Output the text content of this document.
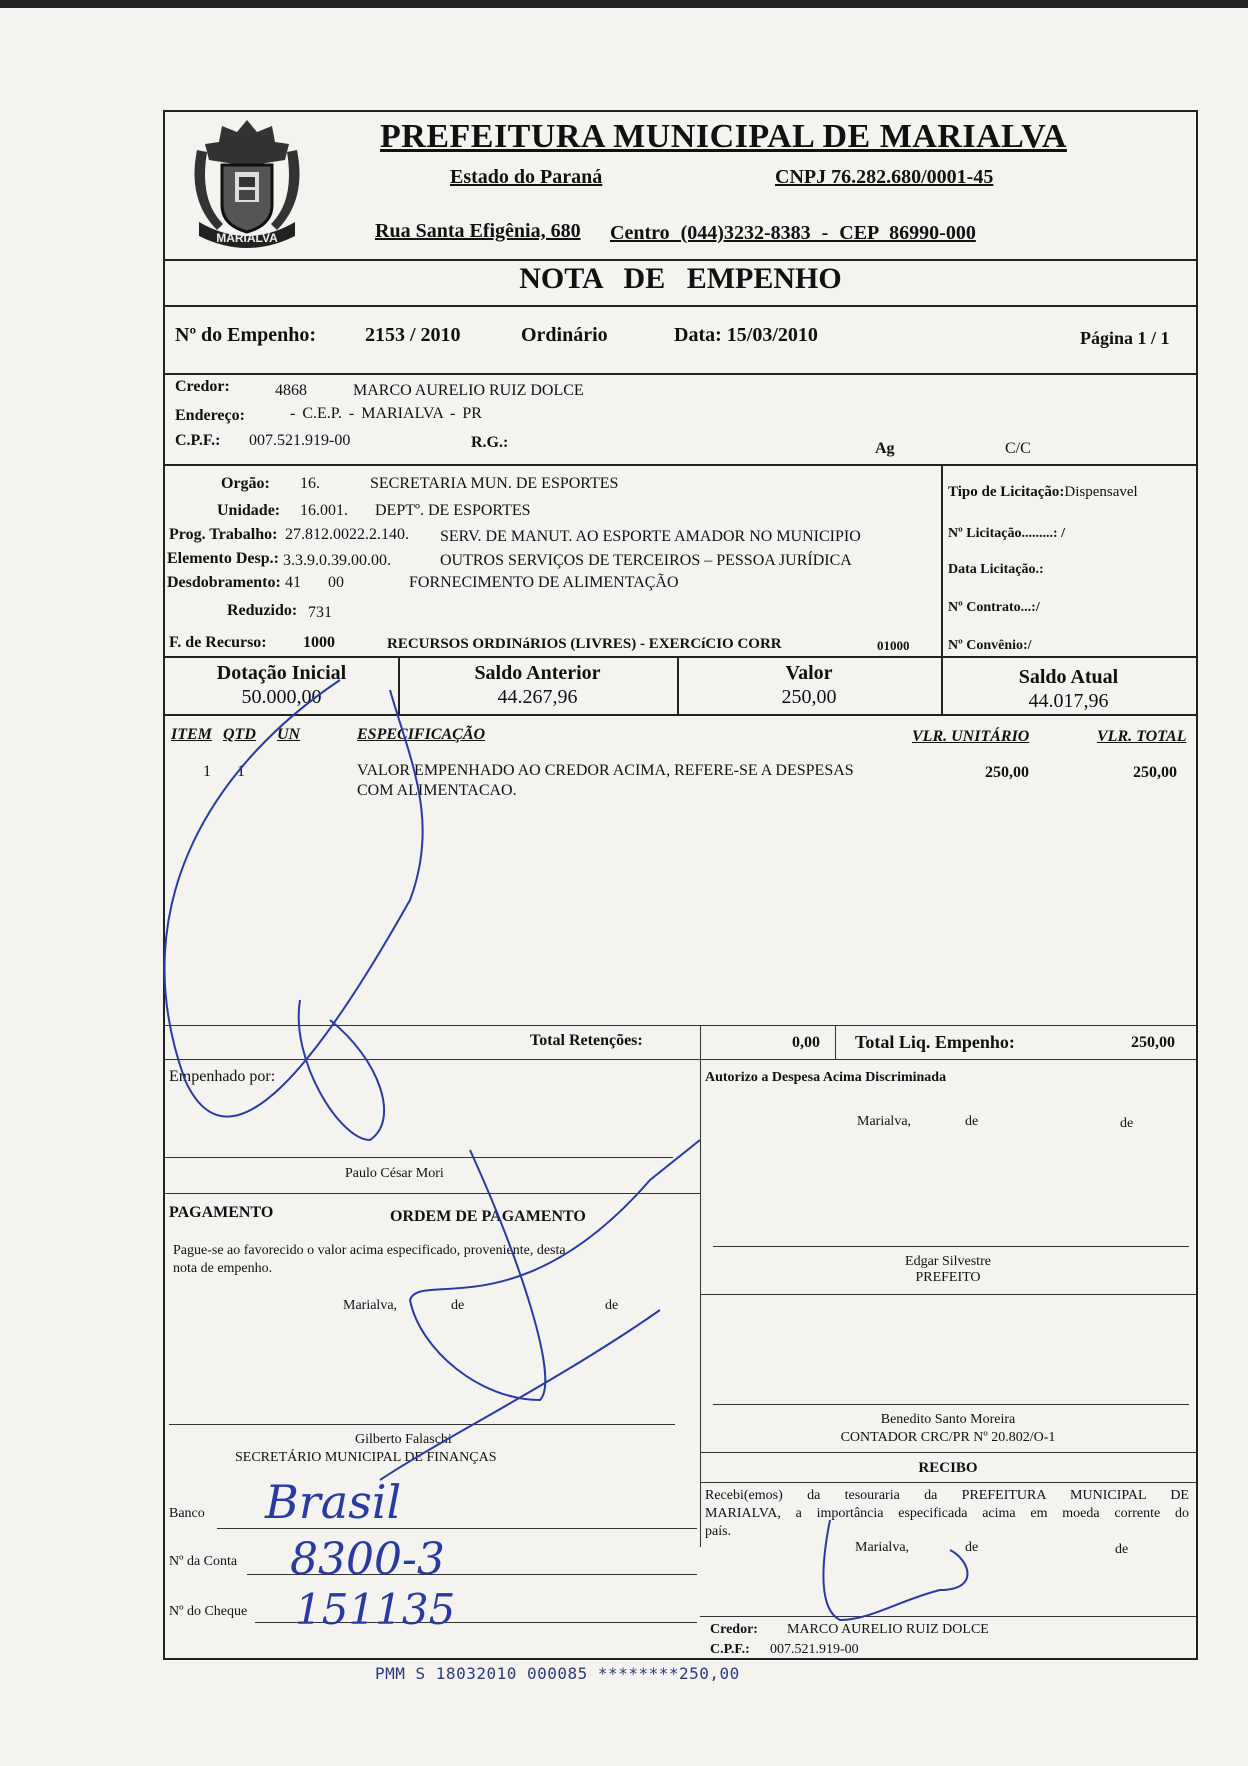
MARIALVA
PREFEITURA MUNICIPAL DE MARIALVA
Estado do Paraná	CNPJ 76.282.680/0001-45
Rua Santa Efigênia, 680 Centro (044)3232-8383 - CEP 86990-000
NOTA DE EMPENHO
Nº do Empenho: 2153 / 2010	Ordinário	Data: 15/03/2010	Página 1 / 1
Credor:	4868	MARCO AURELIO RUIZ DOLCE
Endereço:	- C.E.P. - MARIALVA - PR
C.P.F.: 007.521.919-00	R.G.:	Ag	C/C
Orgão: 16.	SECRETARIA MUN. DE ESPORTES
Unidade: 16.001. DEPTº. DE ESPORTES
Prog. Trabalho: 27.812.0022.2.140. SERV. DE MANUT. AO ESPORTE AMADOR NO MUNICIPIO
Elemento Desp.: 3.3.9.0.39.00.00.	OUTROS SERVIÇOS DE TERCEIROS – PESSOA JURÍDICA
Desdobramento: 41 00	FORNECIMENTO DE ALIMENTAÇÃO
Reduzido: 731
F. de Recurso: 1000	RECURSOS ORDINáRIOS (LIVRES) - EXERCíCIO CORR	01000
Tipo de Licitação:Dispensavel
Nº Licitação.........: /
Data Licitação.:
Nº Contrato...:/
Nº Convênio:/
Dotação Inicial
50.000,00
Saldo Anterior
44.267,96
Valor
250,00
Saldo Atual
44.017,96
ITEM QTD UN	ESPECIFICAÇÃO	VLR. UNITÁRIO	VLR. TOTAL
1 1	VALOR EMPENHADO AO CREDOR ACIMA, REFERE-SE A DESPESAS
COM ALIMENTACAO.
250,00	250,00
Total Retenções:	0,00 Total Liq. Empenho:	250,00
Empenhado por:
Paulo César Mori
PAGAMENTO	ORDEM DE PAGAMENTO
Pague-se ao favorecido o valor acima especificado, proveniente, desta
nota de empenho.
Marialva,	de	de
Gilberto Falaschi
SECRETÁRIO MUNICIPAL DE FINANÇAS
Banco
Nº da Conta
Nº do Cheque
Autorizo a Despesa Acima Discriminada
Marialva,	de	de
Edgar Silvestre
PREFEITO
Benedito Santo Moreira
CONTADOR CRC/PR Nº 20.802/O-1
RECIBO
Recebi(emos) da tesouraria da PREFEITURA MUNICIPAL DE
MARIALVA, a importância especificada acima em moeda corrente do
país.
Marialva,	de	de
Credor: MARCO AURELIO RUIZ DOLCE
C.P.F.: 007.521.919-00
PMM S 18032010 000085 ********250,00
Brasil
8300-3
151135
